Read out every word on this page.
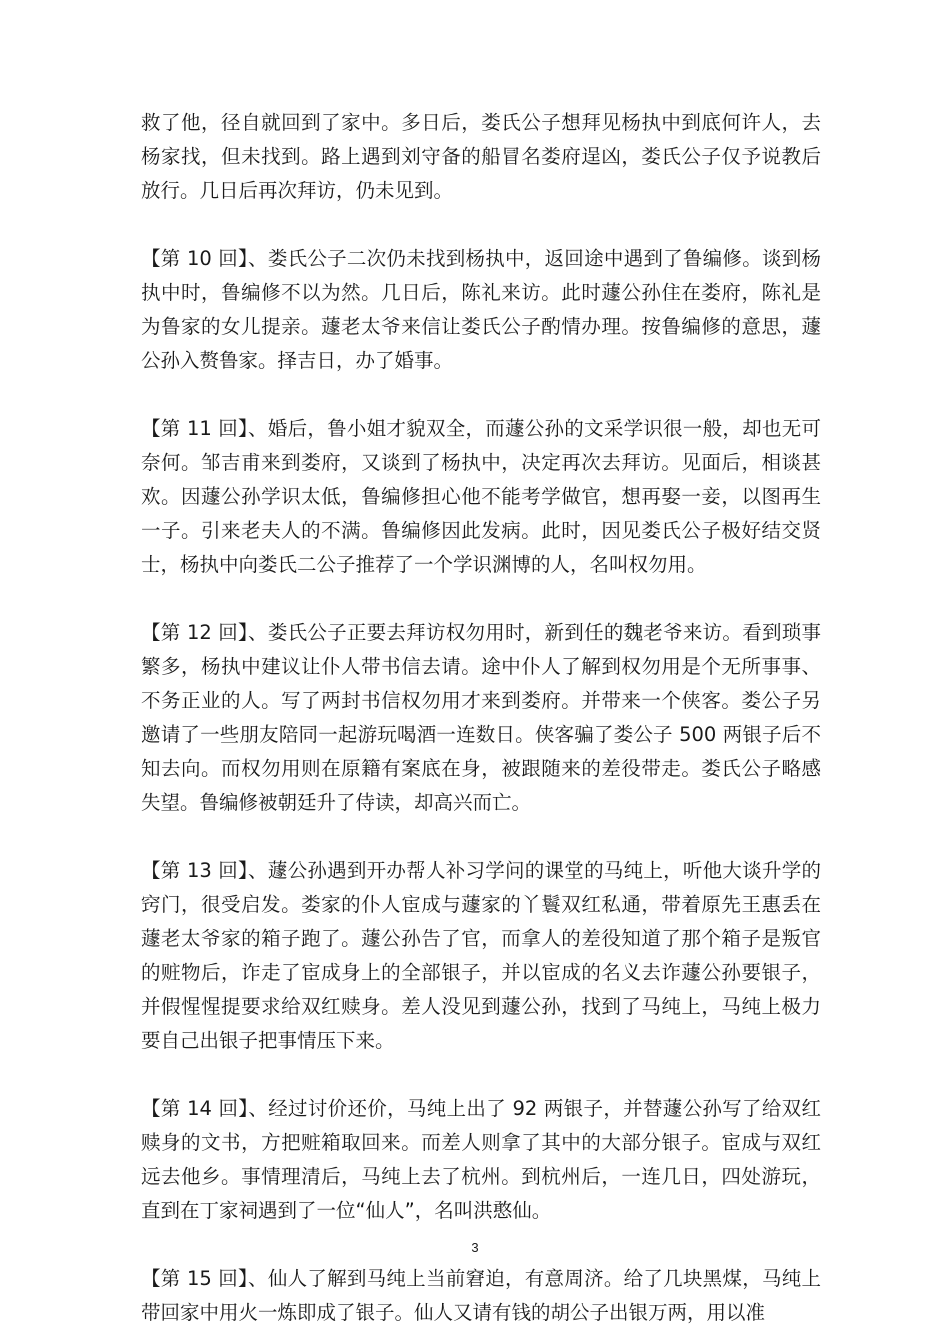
救了他，径自就回到了家中。多日后，娄氏公子想拜见杨执中到底何许人，去杨家找，但未找到。路上遇到刘守备的船冒名娄府逞凶，娄氏公子仅予说教后放行。几日后再次拜访，仍未见到。

【第 10 回】、娄氏公子二次仍未找到杨执中，返回途中遇到了鲁编修。谈到杨执中时，鲁编修不以为然。几日后，陈礼来访。此时蘧公孙住在娄府，陈礼是为鲁家的女儿提亲。蘧老太爷来信让娄氏公子酌情办理。按鲁编修的意思，蘧公孙入赘鲁家。择吉日，办了婚事。

【第 11 回】、婚后，鲁小姐才貌双全，而蘧公孙的文采学识很一般，却也无可奈何。邹吉甫来到娄府，又谈到了杨执中，决定再次去拜访。见面后，相谈甚欢。因蘧公孙学识太低，鲁编修担心他不能考学做官，想再娶一妾，以图再生一子。引来老夫人的不满。鲁编修因此发病。此时，因见娄氏公子极好结交贤士，杨执中向娄氏二公子推荐了一个学识渊博的人，名叫权勿用。

【第 12 回】、娄氏公子正要去拜访权勿用时，新到任的魏老爷来访。看到琐事繁多，杨执中建议让仆人带书信去请。途中仆人了解到权勿用是个无所事事、不务正业的人。写了两封书信权勿用才来到娄府。并带来一个侠客。娄公子另邀请了一些朋友陪同一起游玩喝酒一连数日。侠客骗了娄公子 500 两银子后不知去向。而权勿用则在原籍有案底在身，被跟随来的差役带走。娄氏公子略感失望。鲁编修被朝廷升了侍读，却高兴而亡。

【第 13 回】、蘧公孙遇到开办帮人补习学问的课堂的马纯上，听他大谈升学的窍门，很受启发。娄家的仆人宦成与蘧家的丫鬟双红私通，带着原先王惠丢在蘧老太爷家的箱子跑了。蘧公孙告了官，而拿人的差役知道了那个箱子是叛官的赃物后，诈走了宦成身上的全部银子，并以宦成的名义去诈蘧公孙要银子，并假惺惺提要求给双红赎身。差人没见到蘧公孙，找到了马纯上，马纯上极力要自己出银子把事情压下来。

【第 14 回】、经过讨价还价，马纯上出了 92 两银子，并替蘧公孙写了给双红赎身的文书，方把赃箱取回来。而差人则拿了其中的大部分银子。宦成与双红远去他乡。事情理清后，马纯上去了杭州。到杭州后，一连几日，四处游玩，直到在丁家祠遇到了一位“仙人”，名叫洪憨仙。

【第 15 回】、仙人了解到马纯上当前窘迫，有意周济。给了几块黑煤，马纯上带回家中用火一炼即成了银子。仙人又请有钱的胡公子出银万两，用以准

3
